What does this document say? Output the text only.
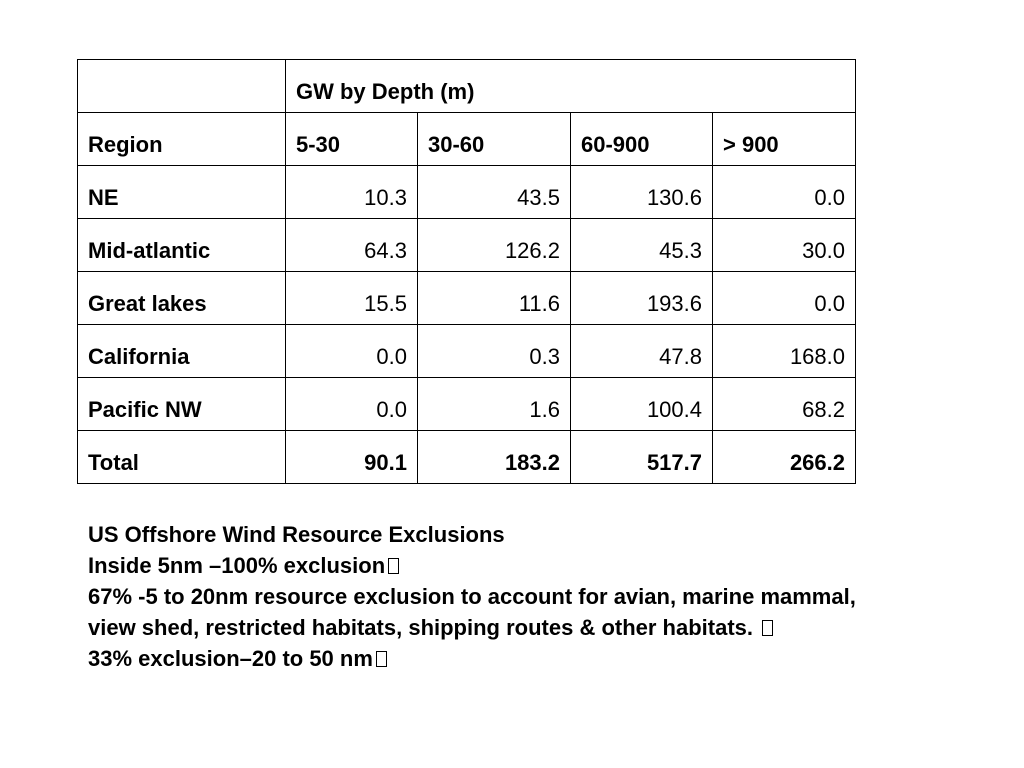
	GW by Depth (m)			
Region	5-30	30-60	60-900	> 900
NE	10.3	43.5	130.6	0.0
Mid-atlantic	64.3	126.2	45.3	30.0
Great lakes	15.5	11.6	193.6	0.0
California	0.0	0.3	47.8	168.0
Pacific NW	0.0	1.6	100.4	68.2
Total	90.1	183.2	517.7	266.2
US Offshore Wind Resource Exclusions
Inside 5nm –100% exclusion
67% -5 to 20nm resource exclusion to account for avian, marine mammal,
view shed, restricted habitats, shipping routes & other habitats.
33% exclusion–20 to 50 nm
